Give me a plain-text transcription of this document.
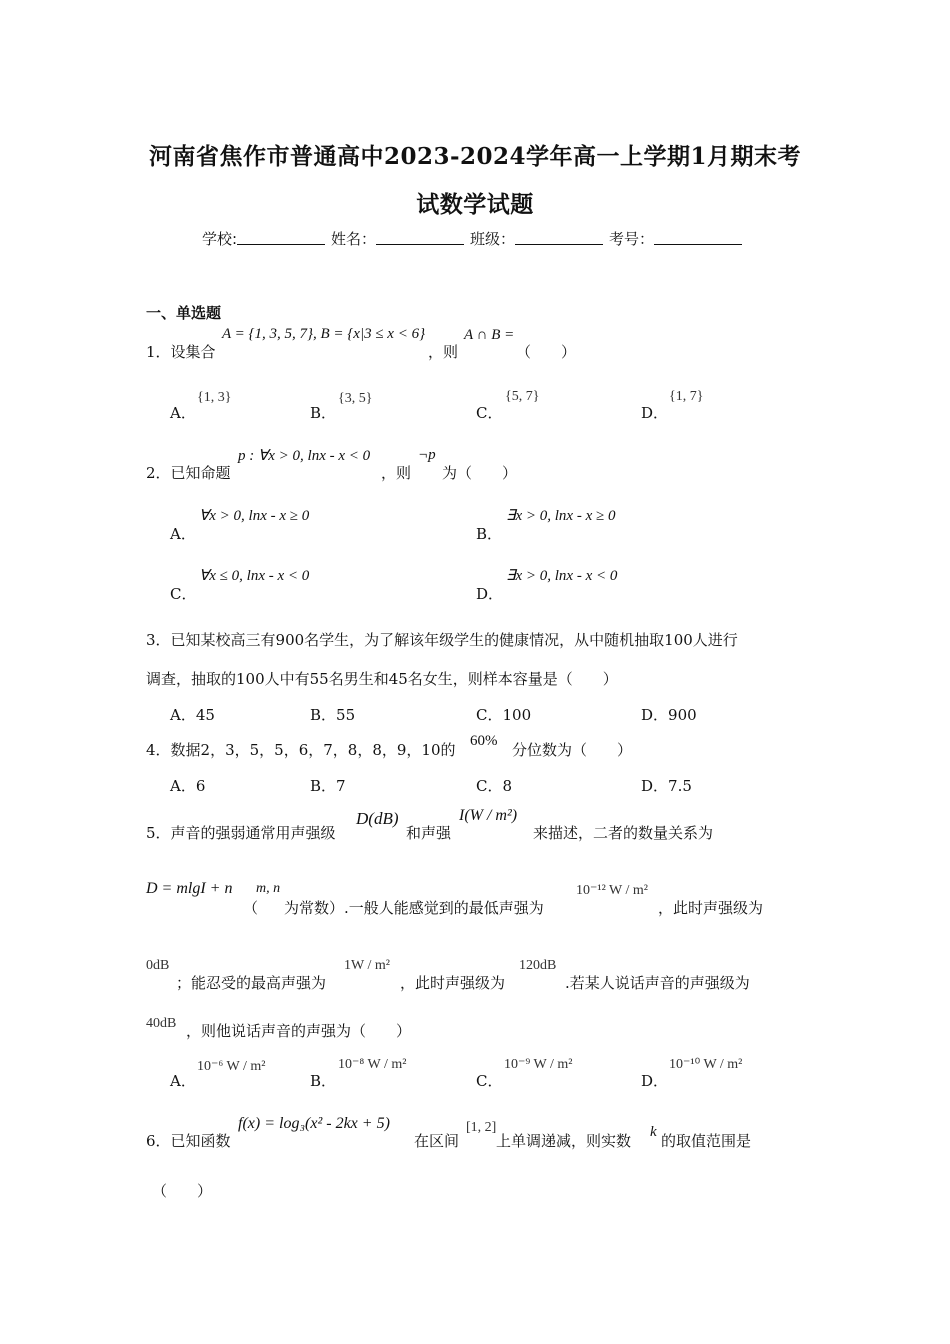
河南省焦作市普通高中2023-2024学年高一上学期1月期末考
试数学试题
学校:	姓名：	班级：	考号：
一、单选题
1．设集合
A = {1, 3, 5, 7}, B = {x|3 ≤ x < 6}
，则
A ∩ B =
（　　）
A．
{1, 3}
B．
{3, 5}
C．
{5, 7}
D．
{1, 7}
2．已知命题
p : ∀x > 0, lnx - x < 0
，则
¬p
为（　　）
A．
∀x > 0, lnx - x ≥ 0
B．
∃x > 0, lnx - x ≥ 0
C．
∀x ≤ 0, lnx - x < 0
D．
∃x > 0, lnx - x < 0
3．已知某校高三有900名学生，为了解该年级学生的健康情况，从中随机抽取100人进行
调查，抽取的100人中有55名男生和45名女生，则样本容量是（　　）
A．45	B．55	C．100	D．900
4．数据2，3，5，5，6，7，8，8，9，10的 60% 分位数为（　　）
A．6	B．7	C．8	D．7.5
5．声音的强弱通常用声强级
D(dB)
和声强
I(W / m²)
来描述，二者的数量关系为
D = mlgI + n
（
m, n
为常数）.一般人能感觉到的最低声强为
10⁻¹² W / m²
，此时声强级为
0dB
；能忍受的最高声强为
1W / m²
，此时声强级为
120dB
.若某人说话声音的声强级为
40dB ，则他说话声音的声强为（　　）
A．
10⁻⁶ W / m²
B．
10⁻⁸ W / m²
C．
10⁻⁹ W / m²
D．
10⁻¹⁰ W / m²
6．已知函数
f(x) = log₃(x² - 2kx + 5)
在区间
[1, 2]
上单调递减，则实数 k 的取值范围是
（　　）
